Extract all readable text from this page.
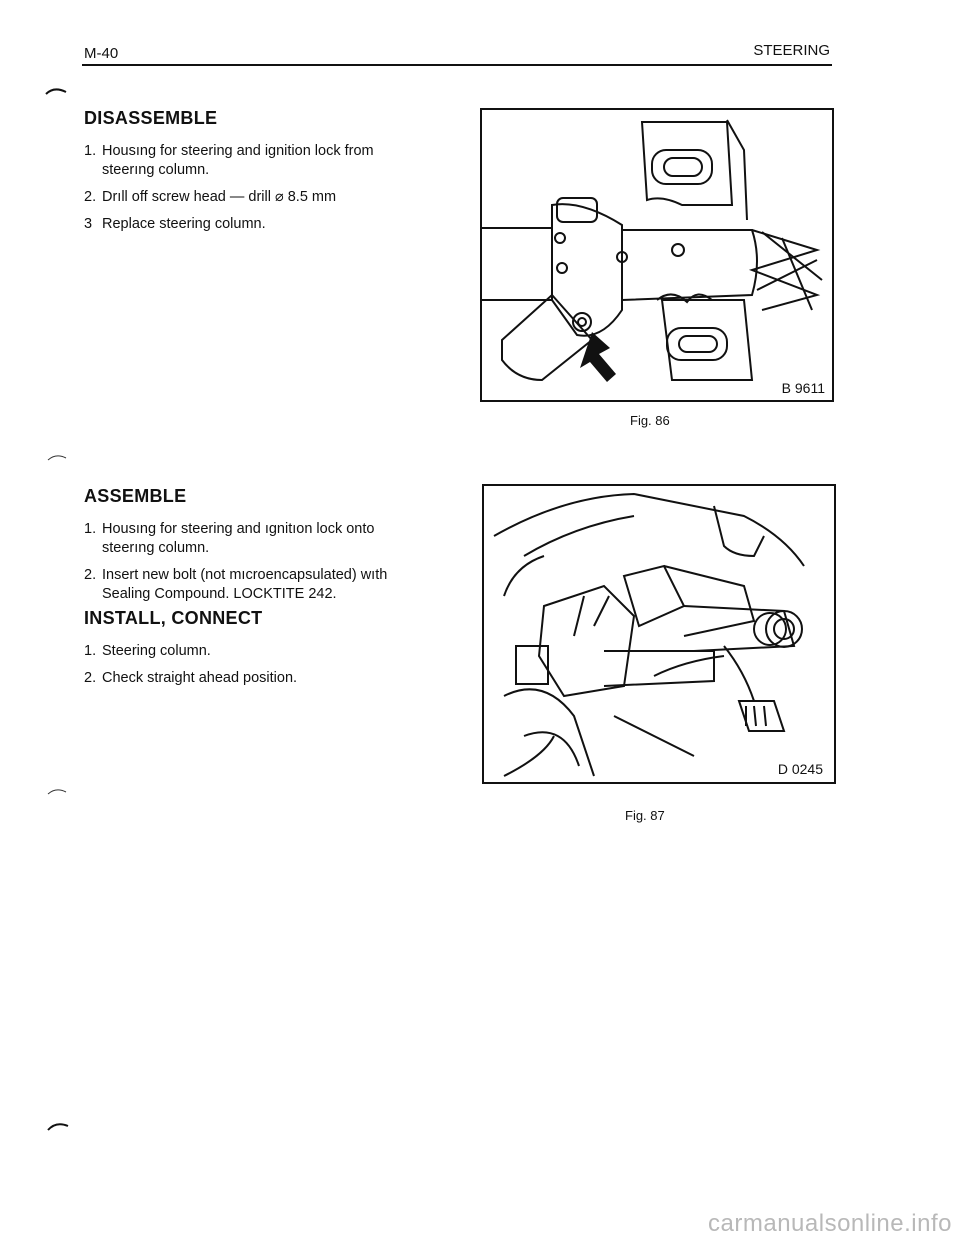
M-40	STEERING
DISASSEMBLE
1. Housıng for steering and ignition lock from steerıng column.
2. Drıll off screw head — drill ⌀ 8.5 mm
3 Replace steering column.
ASSEMBLE
1. Housıng for steering and ıgnitıon lock onto steerıng column.
2. Insert new bolt (not mıcroencapsulated) wıth Sealing Compound. LOCKTITE 242.
INSTALL, CONNECT
1. Steering column.
2. Check straight ahead position.
B 9611
Fig. 86
D 0245
Fig. 87
carmanualsonline.info
